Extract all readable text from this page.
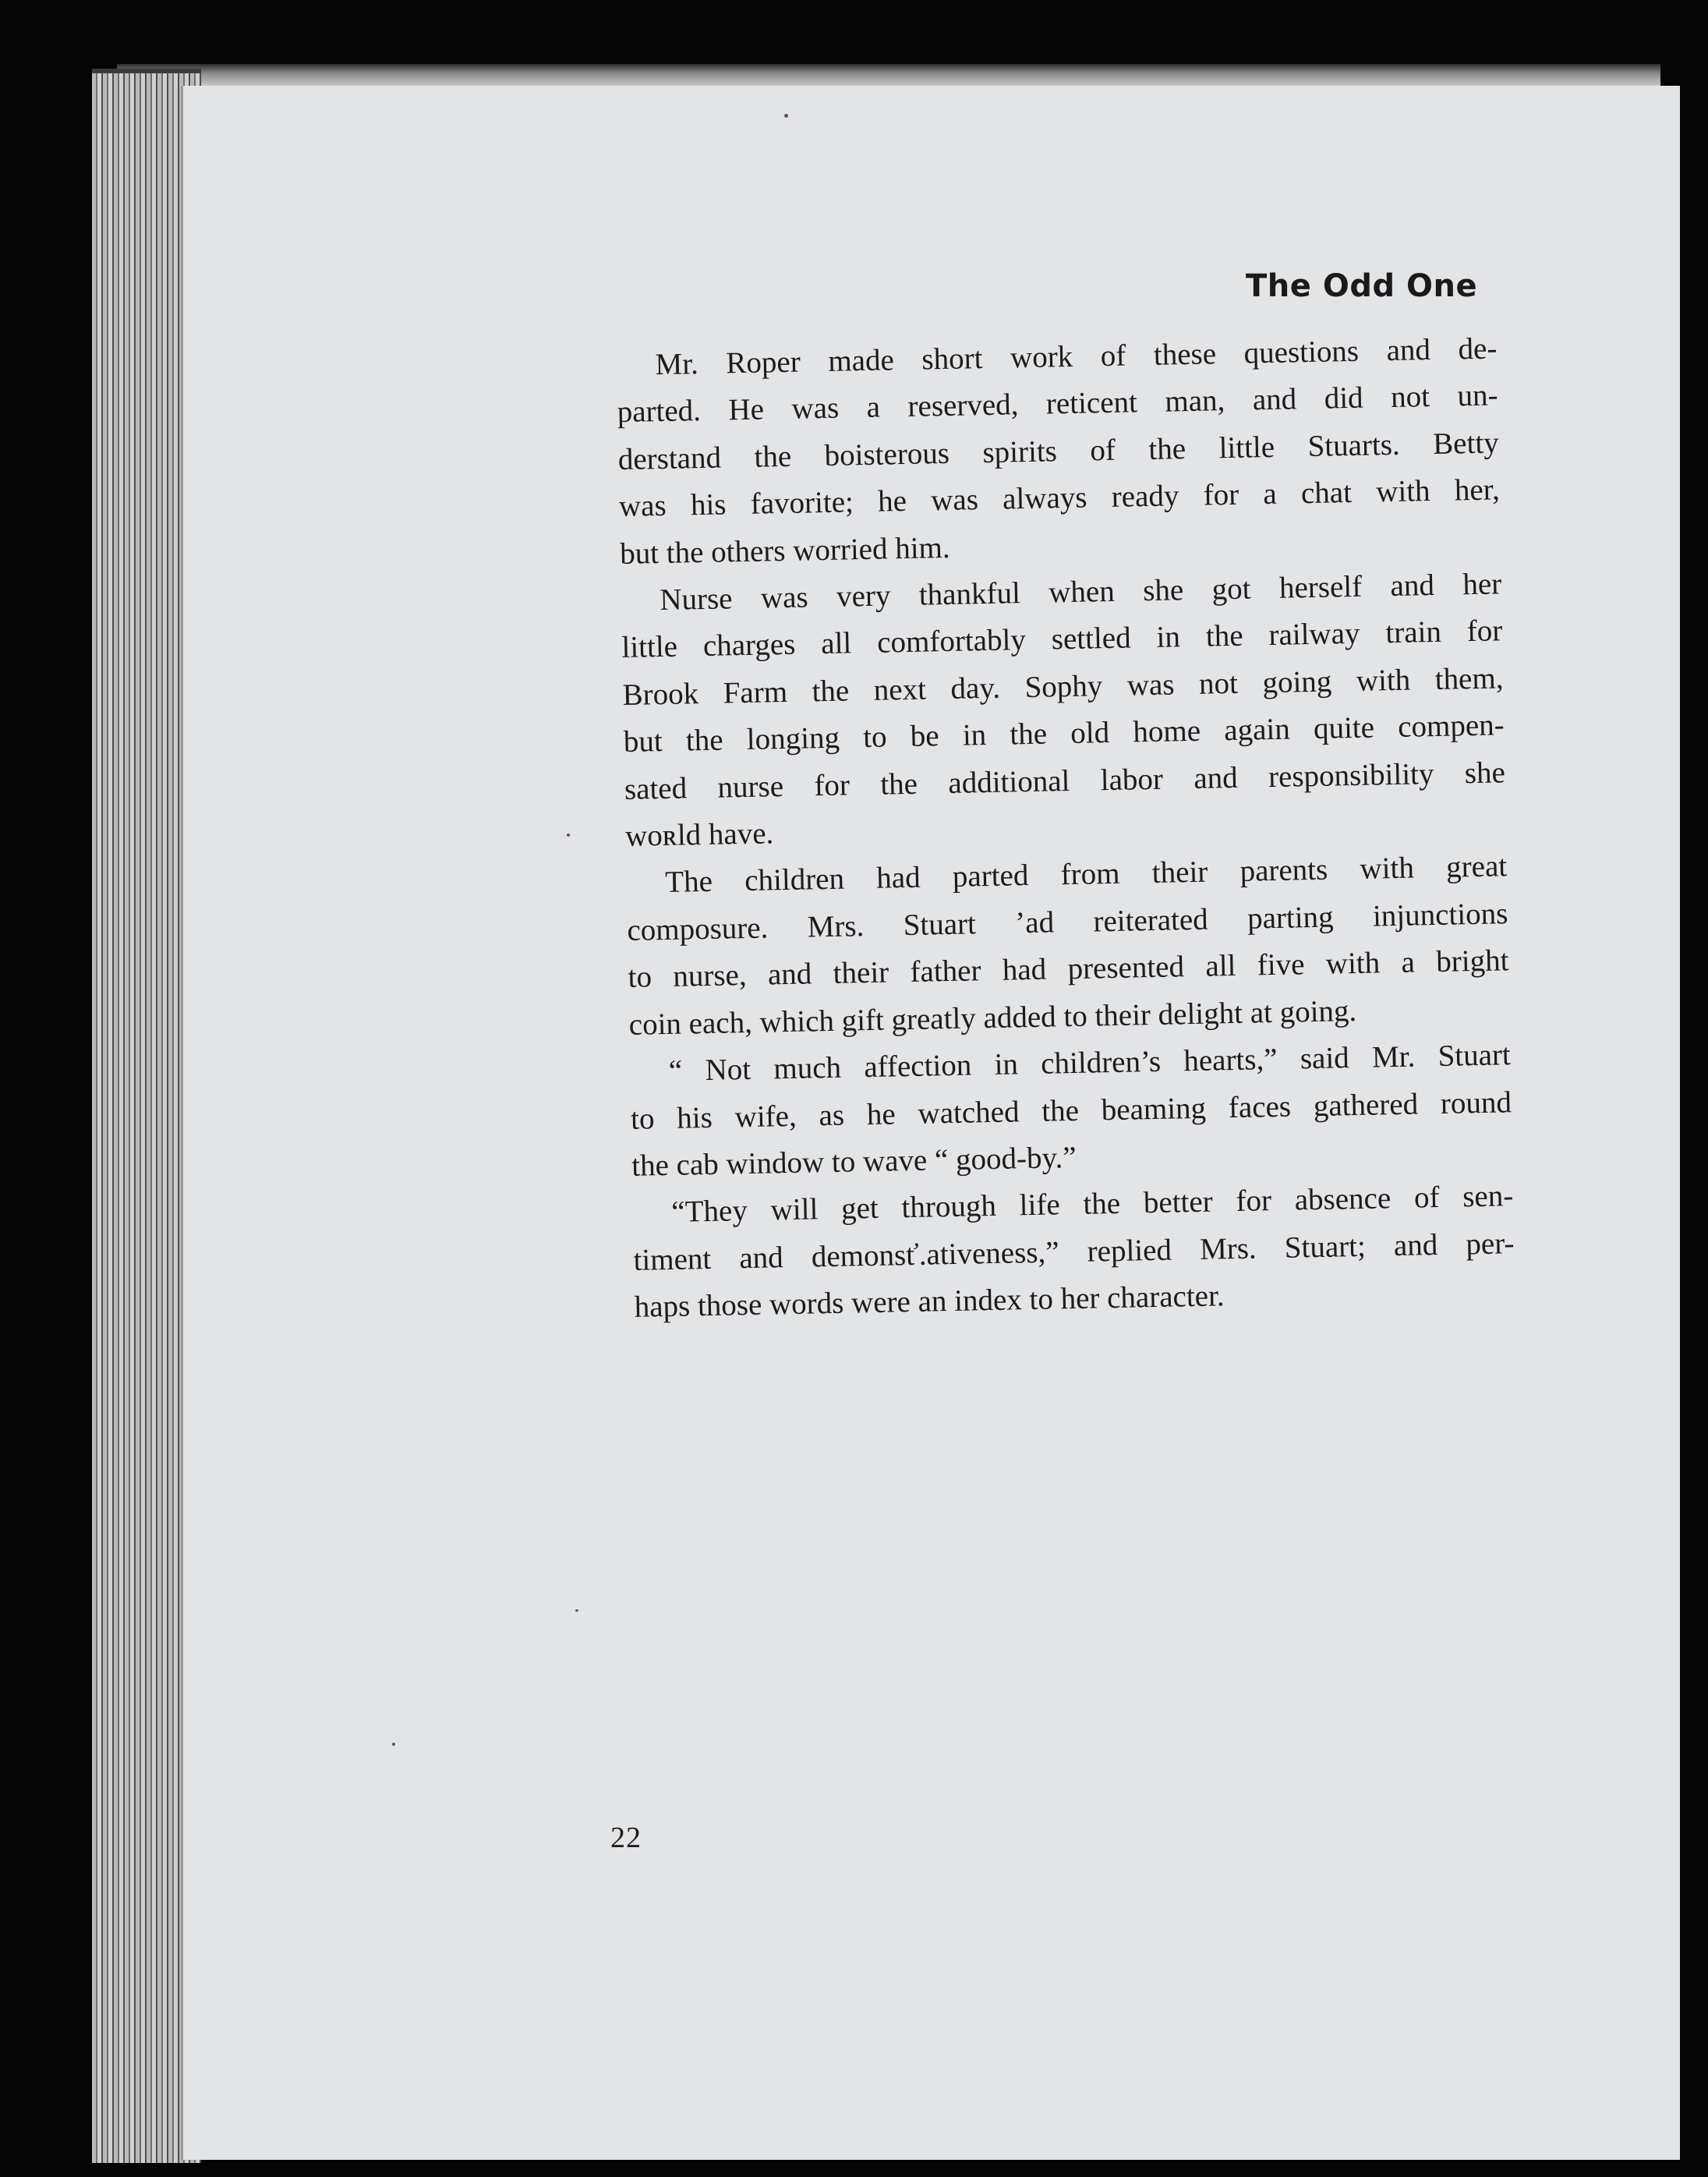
The Odd One

Mr. Roper made short work of these questions and de-
parted. He was a reserved, reticent man, and did not un-
derstand the boisterous spirits of the little Stuarts. Betty
was his favorite; he was always ready for a chat with her,
but the others worried him.

Nurse was very thankful when she got herself and her
little charges all comfortably settled in the railway train for
Brook Farm the next day. Sophy was not going with them,
but the longing to be in the old home again quite compen-
sated nurse for the additional labor and responsibility she
woʀld have.

The children had parted from their parents with great
composure. Mrs. Stuart ʼad reiterated parting injunctions
to nurse, and their father had presented all five with a bright
coin each, which gift greatly added to their delight at going.

“ Not much affection in children’s hearts,” said Mr. Stuart
to his wife, as he watched the beaming faces gathered round
the cab window to wave “ good-by.”

“They will get through life the better for absence of sen-
timent and demonsť.ativeness,” replied Mrs. Stuart; and per-
haps those words were an index to her character.

22
